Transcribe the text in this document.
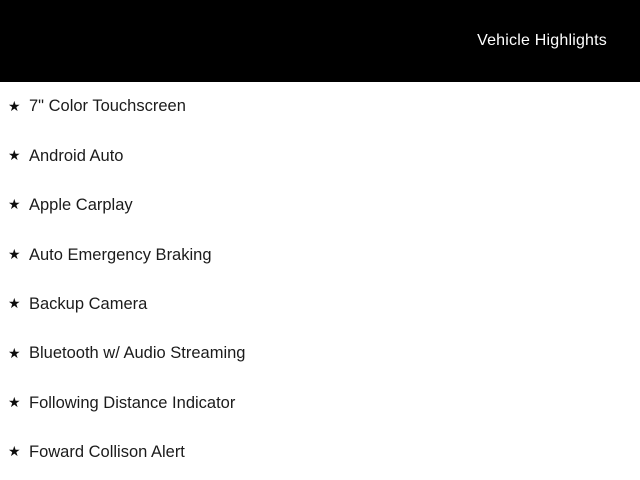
Vehicle Highlights
★ 7" Color Touchscreen
★ Android Auto
★ Apple Carplay
★ Auto Emergency Braking
★ Backup Camera
★ Bluetooth w/ Audio Streaming
★ Following Distance Indicator
★ Foward Collison Alert
